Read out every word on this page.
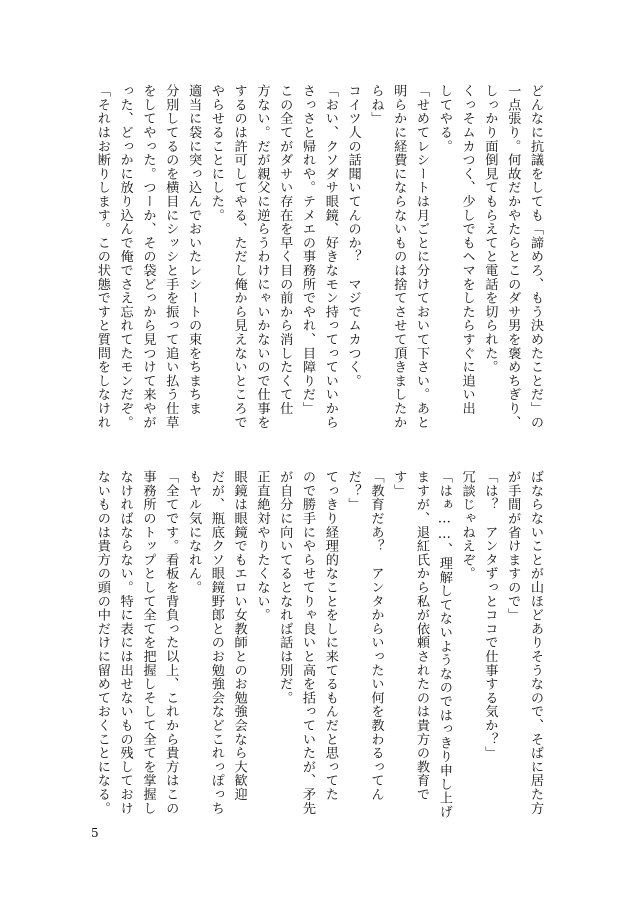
どんなに抗議をしても「諦めろ、もう決めたことだ」の
一点張り。何故だかやたらとこのダサ男を褒めちぎり、
しっかり面倒見てもらえてと電話を切られた。
くっそムカつく、少しでもヘマをしたらすぐに追い出
してやる。
「せめてレシートは月ごとに分けておいて下さい。あと
明らかに経費にならないものは捨てさせて頂きましたか
らね」
コイツ人の話聞いてんのか？　マジでムカつく。
「おい、クソダサ眼鏡、好きなモン持ってっていいから
さっさと帰れや。テメエの事務所でやれ、目障りだ」
この全てがダサい存在を早く目の前から消したくて仕
方ない。だが親父に逆らうわけにゃいかないので仕事を
するのは許可してやる、ただし俺から見えないところで
やらせることにした。
適当に袋に突っ込んでおいたレシートの束をちまちま
分別してるのを横目にシッシと手を振って追い払う仕草
をしてやった。つーか、その袋どっから見つけて来やが
った、どっかに放り込んで俺でさえ忘れてたモンだぞ。
「それはお断りします。この状態ですと質問をしなけれ
ばならないことが山ほどありそうなので、そばに居た方
が手間が省けますので」
「は？　アンタずっとココで仕事する気か？」
冗談じゃねえぞ。
「はぁ……、理解してないようなのではっきり申し上げ
ますが、退紅氏から私が依頼されたのは貴方の教育で
す」
「教育だあ？　アンタからいったい何を教わるってん
だ？」
てっきり経理的なことをしに来てるもんだと思ってた
ので勝手にやらせてりゃ良いと高を括っていたが、矛先
が自分に向いてるとなれば話は別だ。
正直絶対やりたくない。
眼鏡は眼鏡でもエロい女教師とのお勉強会なら大歓迎
だが、瓶底クソ眼鏡野郎とのお勉強会などこれっぽっち
もヤル気になれん。
「全てです。看板を背負った以上、これから貴方はこの
事務所のトップとして全てを把握しそして全てを掌握し
なければならない。特に表には出せないもの残しておけ
ないものは貴方の頭の中だけに留めておくことになる。
5
